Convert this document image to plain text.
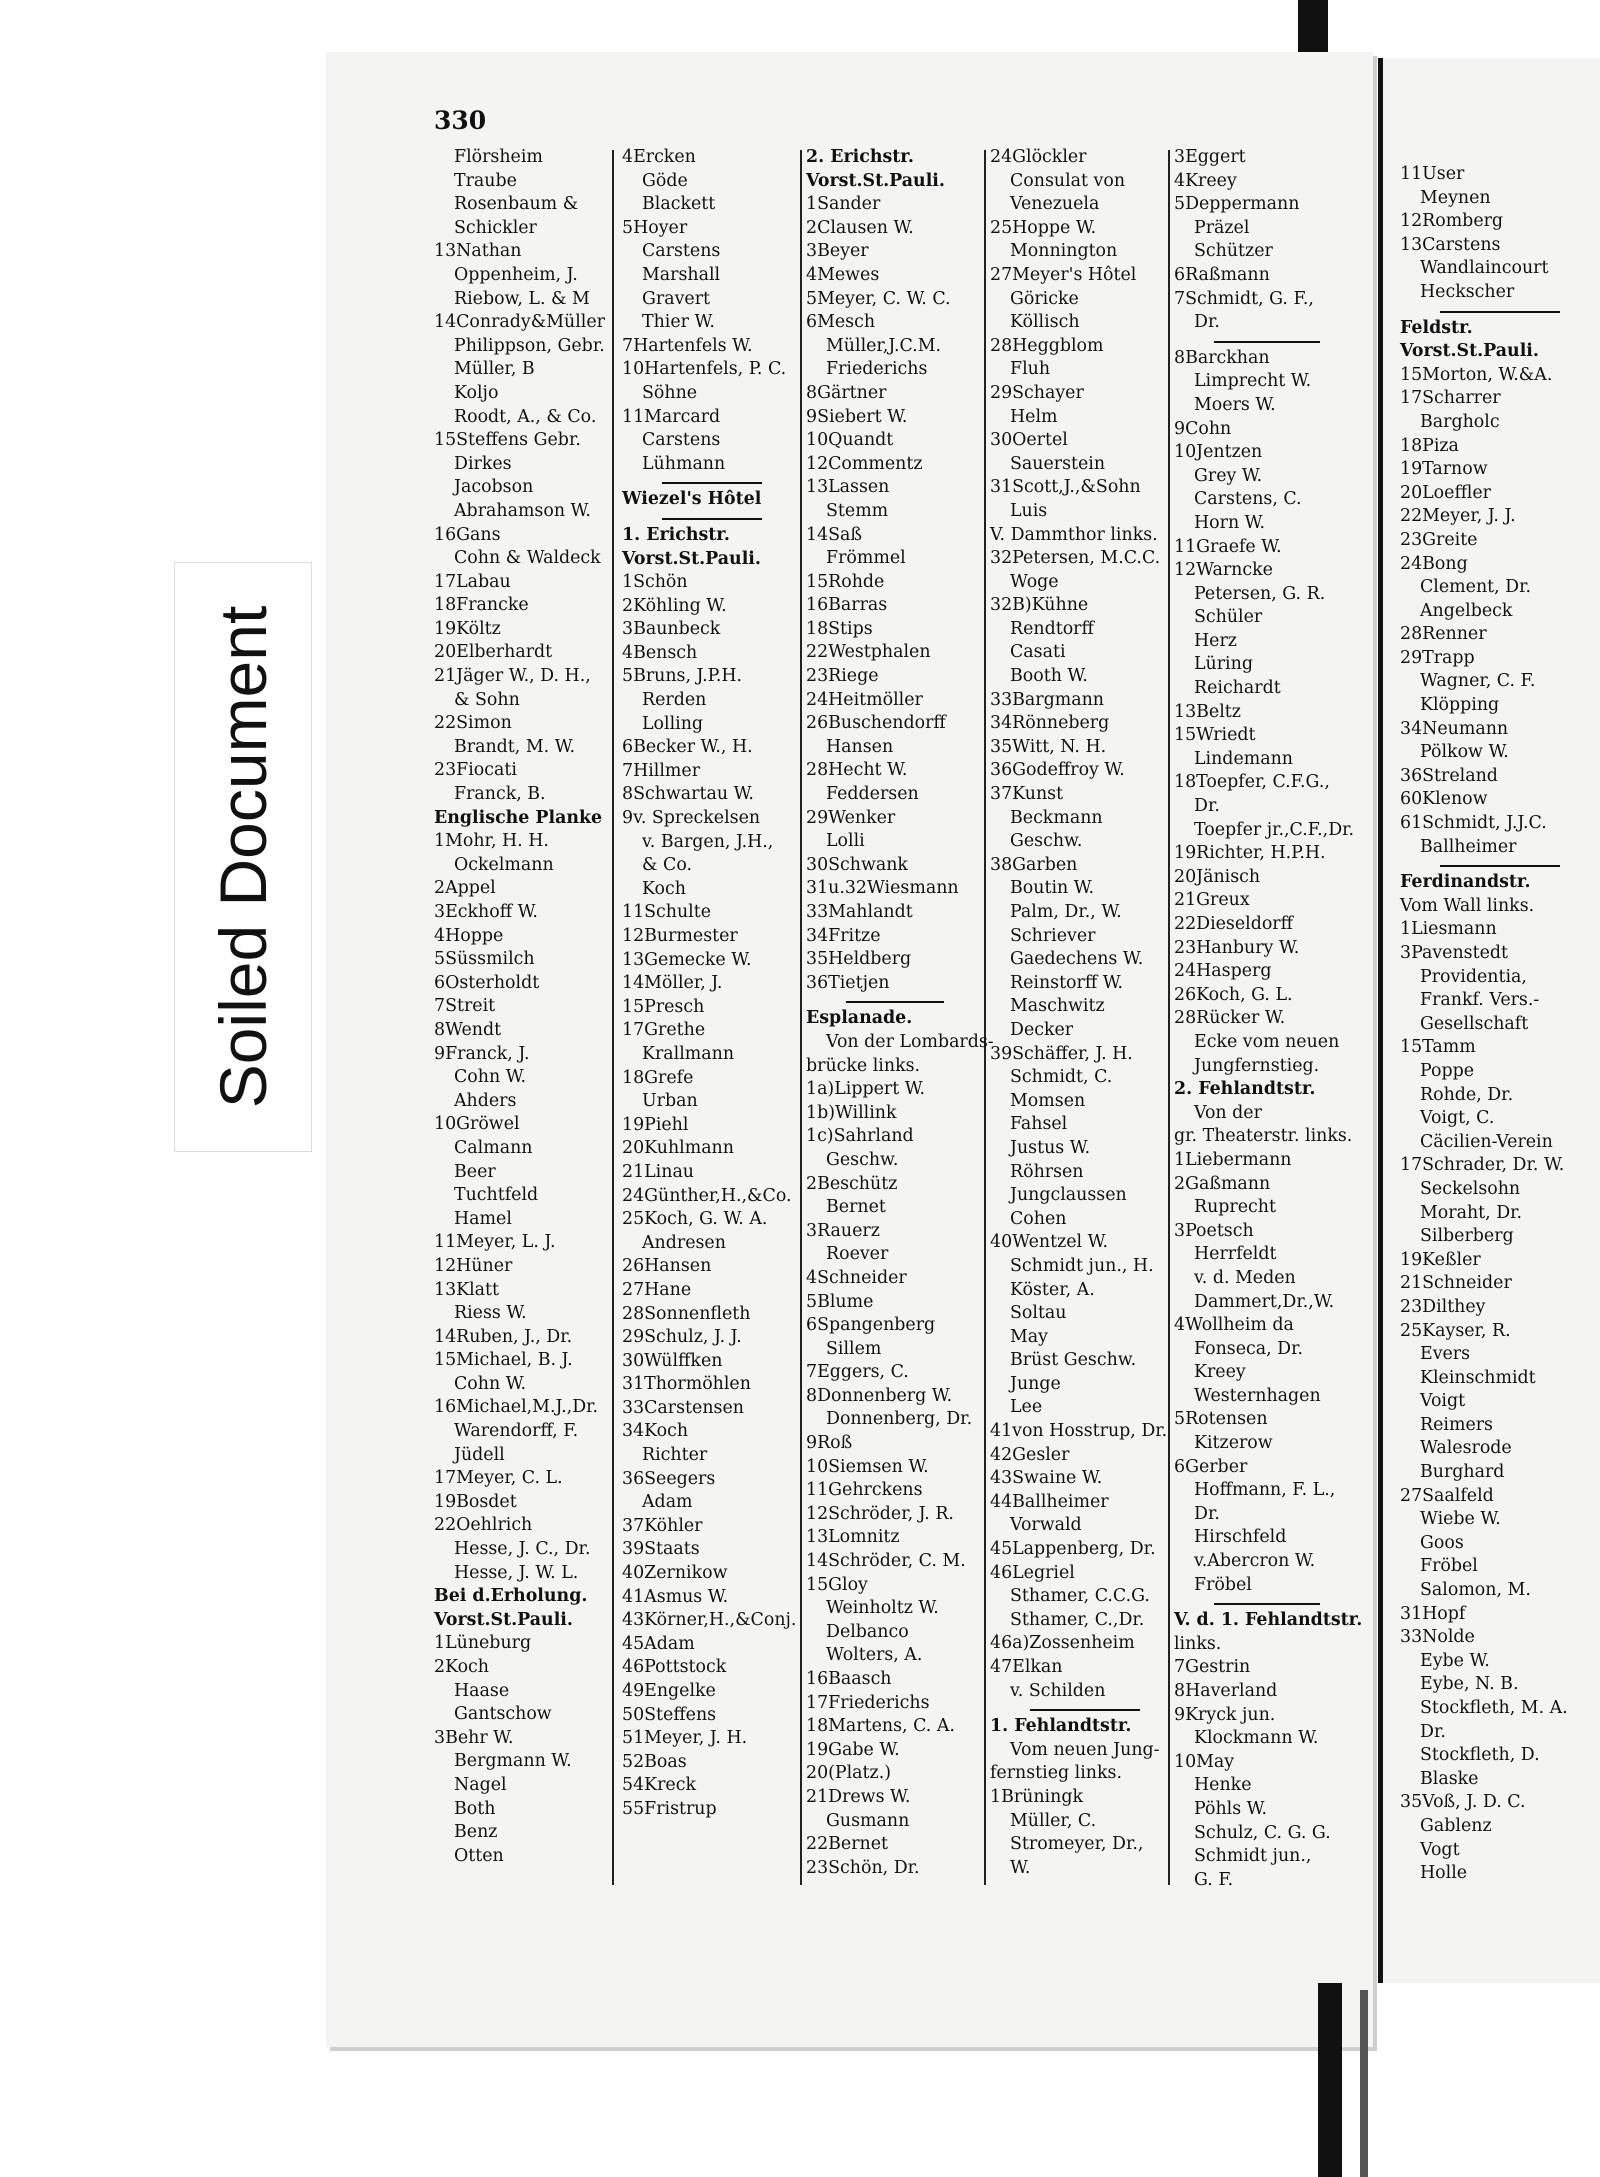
Soiled Document
330
Flörsheim
Traube
Rosenbaum &
Schickler
13Nathan
Oppenheim, J.
Riebow, L. & M
14Conrady&Müller
Philippson, Gebr.
Müller, B
Koljo
Roodt, A., & Co.
15Steffens Gebr.
Dirkes
Jacobson
Abrahamson W.
16Gans
Cohn & Waldeck
17Labau
18Francke
19Költz
20Elberhardt
21Jäger W., D. H.,
& Sohn
22Simon
Brandt, M. W.
23Fiocati
Franck, B.
Englische Planke
1Mohr, H. H.
Ockelmann
2Appel
3Eckhoff W.
4Hoppe
5Süssmilch
6Osterholdt
7Streit
8Wendt
9Franck, J.
Cohn W.
Ahders
10Gröwel
Calmann
Beer
Tuchtfeld
Hamel
11Meyer, L. J.
12Hüner
13Klatt
Riess W.
14Ruben, J., Dr.
15Michael, B. J.
Cohn W.
16Michael,M.J.,Dr.
Warendorff, F.
Jüdell
17Meyer, C. L.
19Bosdet
22Oehlrich
Hesse, J. C., Dr.
Hesse, J. W. L.
Bei d.Erholung.
Vorst.St.Pauli.
1Lüneburg
2Koch
Haase
Gantschow
3Behr W.
Bergmann W.
Nagel
Both
Benz
Otten
4Ercken
Göde
Blackett
5Hoyer
Carstens
Marshall
Gravert
Thier W.
7Hartenfels W.
10Hartenfels, P. C.
Söhne
11Marcard
Carstens
Lühmann
Wiezel's Hôtel
1. Erichstr.
Vorst.St.Pauli.
1Schön
2Köhling W.
3Baunbeck
4Bensch
5Bruns, J.P.H.
Rerden
Lolling
6Becker W., H.
7Hillmer
8Schwartau W.
9v. Spreckelsen
v. Bargen, J.H.,
& Co.
Koch
11Schulte
12Burmester
13Gemecke W.
14Möller, J.
15Presch
17Grethe
Krallmann
18Grefe
Urban
19Piehl
20Kuhlmann
21Linau
24Günther,H.,&Co.
25Koch, G. W. A.
Andresen
26Hansen
27Hane
28Sonnenfleth
29Schulz, J. J.
30Wülffken
31Thormöhlen
33Carstensen
34Koch
Richter
36Seegers
Adam
37Köhler
39Staats
40Zernikow
41Asmus W.
43Körner,H.,&Conj.
45Adam
46Pottstock
49Engelke
50Steffens
51Meyer, J. H.
52Boas
54Kreck
55Fristrup
2. Erichstr.
Vorst.St.Pauli.
1Sander
2Clausen W.
3Beyer
4Mewes
5Meyer, C. W. C.
6Mesch
Müller,J.C.M.
Friederichs
8Gärtner
9Siebert W.
10Quandt
12Commentz
13Lassen
Stemm
14Saß
Frömmel
15Rohde
16Barras
18Stips
22Westphalen
23Riege
24Heitmöller
26Buschendorff
Hansen
28Hecht W.
Feddersen
29Wenker
Lolli
30Schwank
31u.32Wiesmann
33Mahlandt
34Fritze
35Heldberg
36Tietjen
Esplanade.
Von der Lombards-
brücke links.
1a)Lippert W.
1b)Willink
1c)Sahrland
Geschw.
2Beschütz
Bernet
3Rauerz
Roever
4Schneider
5Blume
6Spangenberg
Sillem
7Eggers, C.
8Donnenberg W.
Donnenberg, Dr.
9Roß
10Siemsen W.
11Gehrckens
12Schröder, J. R.
13Lomnitz
14Schröder, C. M.
15Gloy
Weinholtz W.
Delbanco
Wolters, A.
16Baasch
17Friederichs
18Martens, C. A.
19Gabe W.
20(Platz.)
21Drews W.
Gusmann
22Bernet
23Schön, Dr.
24Glöckler
Consulat von
Venezuela
25Hoppe W.
Monnington
27Meyer's Hôtel
Göricke
Köllisch
28Heggblom
Fluh
29Schayer
Helm
30Oertel
Sauerstein
31Scott,J.,&Sohn
Luis
V. Dammthor links.
32Petersen, M.C.C.
Woge
32B)Kühne
Rendtorff
Casati
Booth W.
33Bargmann
34Rönneberg
35Witt, N. H.
36Godeffroy W.
37Kunst
Beckmann
Geschw.
38Garben
Boutin W.
Palm, Dr., W.
Schriever
Gaedechens W.
Reinstorff W.
Maschwitz
Decker
39Schäffer, J. H.
Schmidt, C.
Momsen
Fahsel
Justus W.
Röhrsen
Jungclaussen
Cohen
40Wentzel W.
Schmidt jun., H.
Köster, A.
Soltau
May
Brüst Geschw.
Junge
Lee
41von Hosstrup, Dr.
42Gesler
43Swaine W.
44Ballheimer
Vorwald
45Lappenberg, Dr.
46Legriel
Sthamer, C.C.G.
Sthamer, C.,Dr.
46a)Zossenheim
47Elkan
v. Schilden
1. Fehlandtstr.
Vom neuen Jung-
fernstieg links.
1Brüningk
Müller, C.
Stromeyer, Dr.,
W.
3Eggert
4Kreey
5Deppermann
Präzel
Schützer
6Raßmann
7Schmidt, G. F.,
Dr.
8Barckhan
Limprecht W.
Moers W.
9Cohn
10Jentzen
Grey W.
Carstens, C.
Horn W.
11Graefe W.
12Warncke
Petersen, G. R.
Schüler
Herz
Lüring
Reichardt
13Beltz
15Wriedt
Lindemann
18Toepfer, C.F.G.,
Dr.
Toepfer jr.,C.F.,Dr.
19Richter, H.P.H.
20Jänisch
21Greux
22Dieseldorff
23Hanbury W.
24Hasperg
26Koch, G. L.
28Rücker W.
Ecke vom neuen
Jungfernstieg.
2. Fehlandtstr.
Von der
gr. Theaterstr. links.
1Liebermann
2Gaßmann
Ruprecht
3Poetsch
Herrfeldt
v. d. Meden
Dammert,Dr.,W.
4Wollheim da
Fonseca, Dr.
Kreey
Westernhagen
5Rotensen
Kitzerow
6Gerber
Hoffmann, F. L.,
Dr.
Hirschfeld
v.Abercron W.
Fröbel
V. d. 1. Fehlandtstr.
links.
7Gestrin
8Haverland
9Kryck jun.
Klockmann W.
10May
Henke
Pöhls W.
Schulz, C. G. G.
Schmidt jun.,
G. F.
11User
Meynen
12Romberg
13Carstens
Wandlaincourt
Heckscher
Feldstr.
Vorst.St.Pauli.
15Morton, W.&A.
17Scharrer
Bargholc
18Piza
19Tarnow
20Loeffler
22Meyer, J. J.
23Greite
24Bong
Clement, Dr.
Angelbeck
28Renner
29Trapp
Wagner, C. F.
Klöpping
34Neumann
Pölkow W.
36Streland
60Klenow
61Schmidt, J.J.C.
Ballheimer
Ferdinandstr.
Vom Wall links.
1Liesmann
3Pavenstedt
Providentia,
Frankf. Vers.-
Gesellschaft
15Tamm
Poppe
Rohde, Dr.
Voigt, C.
Cäcilien-Verein
17Schrader, Dr. W.
Seckelsohn
Moraht, Dr.
Silberberg
19Keßler
21Schneider
23Dilthey
25Kayser, R.
Evers
Kleinschmidt
Voigt
Reimers
Walesrode
Burghard
27Saalfeld
Wiebe W.
Goos
Fröbel
Salomon, M.
31Hopf
33Nolde
Eybe W.
Eybe, N. B.
Stockfleth, M. A.
Dr.
Stockfleth, D.
Blaske
35Voß, J. D. C.
Gablenz
Vogt
Holle
